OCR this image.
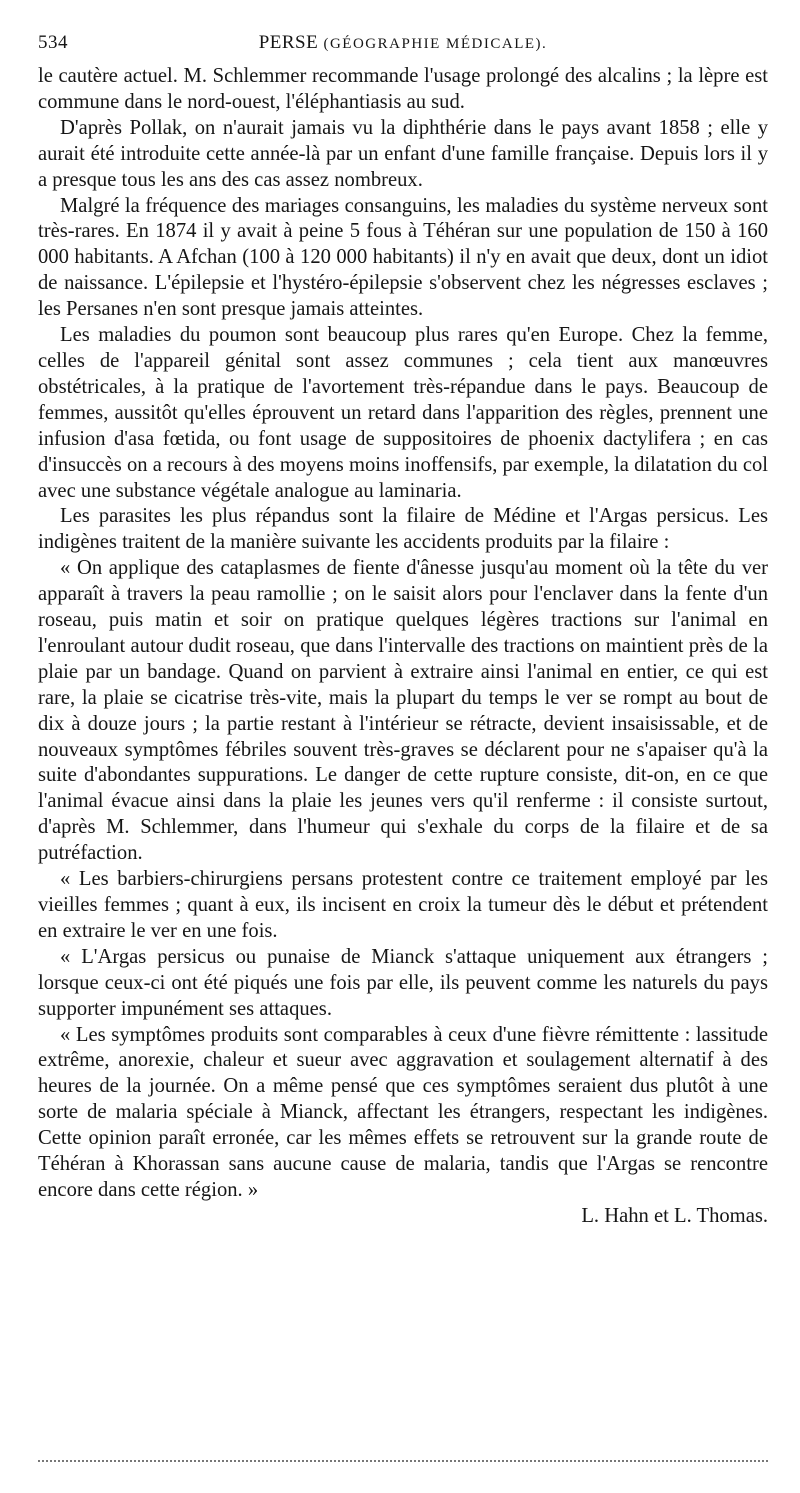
534	PERSE (GÉOGRAPHIE MÉDICALE).

le cautère actuel. M. Schlemmer recommande l'usage prolongé des alcalins ; la lèpre est commune dans le nord-ouest, l'éléphantiasis au sud.

D'après Pollak, on n'aurait jamais vu la diphthérie dans le pays avant 1858 ; elle y aurait été introduite cette année-là par un enfant d'une famille française. Depuis lors il y a presque tous les ans des cas assez nombreux.

Malgré la fréquence des mariages consanguins, les maladies du système nerveux sont très-rares. En 1874 il y avait à peine 5 fous à Téhéran sur une population de 150 à 160 000 habitants. A Afchan (100 à 120 000 habitants) il n'y en avait que deux, dont un idiot de naissance. L'épilepsie et l'hystéro-épilepsie s'observent chez les négresses esclaves ; les Persanes n'en sont presque jamais atteintes.

Les maladies du poumon sont beaucoup plus rares qu'en Europe. Chez la femme, celles de l'appareil génital sont assez communes ; cela tient aux manœuvres obstétricales, à la pratique de l'avortement très-répandue dans le pays. Beaucoup de femmes, aussitôt qu'elles éprouvent un retard dans l'apparition des règles, prennent une infusion d'asa fœtida, ou font usage de suppositoires de phoenix dactylifera ; en cas d'insuccès on a recours à des moyens moins inoffensifs, par exemple, la dilatation du col avec une substance végétale analogue au laminaria.

Les parasites les plus répandus sont la filaire de Médine et l'Argas persicus. Les indigènes traitent de la manière suivante les accidents produits par la filaire :

« On applique des cataplasmes de fiente d'ânesse jusqu'au moment où la tête du ver apparaît à travers la peau ramollie ; on le saisit alors pour l'enclaver dans la fente d'un roseau, puis matin et soir on pratique quelques légères tractions sur l'animal en l'enroulant autour dudit roseau, que dans l'intervalle des tractions on maintient près de la plaie par un bandage. Quand on parvient à extraire ainsi l'animal en entier, ce qui est rare, la plaie se cicatrise très-vite, mais la plupart du temps le ver se rompt au bout de dix à douze jours ; la partie restant à l'intérieur se rétracte, devient insaisissable, et de nouveaux symptômes fébriles souvent très-graves se déclarent pour ne s'apaiser qu'à la suite d'abondantes suppurations. Le danger de cette rupture consiste, dit-on, en ce que l'animal évacue ainsi dans la plaie les jeunes vers qu'il renferme : il consiste surtout, d'après M. Schlemmer, dans l'humeur qui s'exhale du corps de la filaire et de sa putréfaction.

« Les barbiers-chirurgiens persans protestent contre ce traitement employé par les vieilles femmes ; quant à eux, ils incisent en croix la tumeur dès le début et prétendent en extraire le ver en une fois.

« L'Argas persicus ou punaise de Mianck s'attaque uniquement aux étrangers ; lorsque ceux-ci ont été piqués une fois par elle, ils peuvent comme les naturels du pays supporter impunément ses attaques.

« Les symptômes produits sont comparables à ceux d'une fièvre rémittente : lassitude extrême, anorexie, chaleur et sueur avec aggravation et soulagement alternatif à des heures de la journée. On a même pensé que ces symptômes seraient dus plutôt à une sorte de malaria spéciale à Mianck, affectant les étrangers, respectant les indigènes. Cette opinion paraît erronée, car les mêmes effets se retrouvent sur la grande route de Téhéran à Khorassan sans aucune cause de malaria, tandis que l'Argas se rencontre encore dans cette région. »

L. Hahn et L. Thomas.
